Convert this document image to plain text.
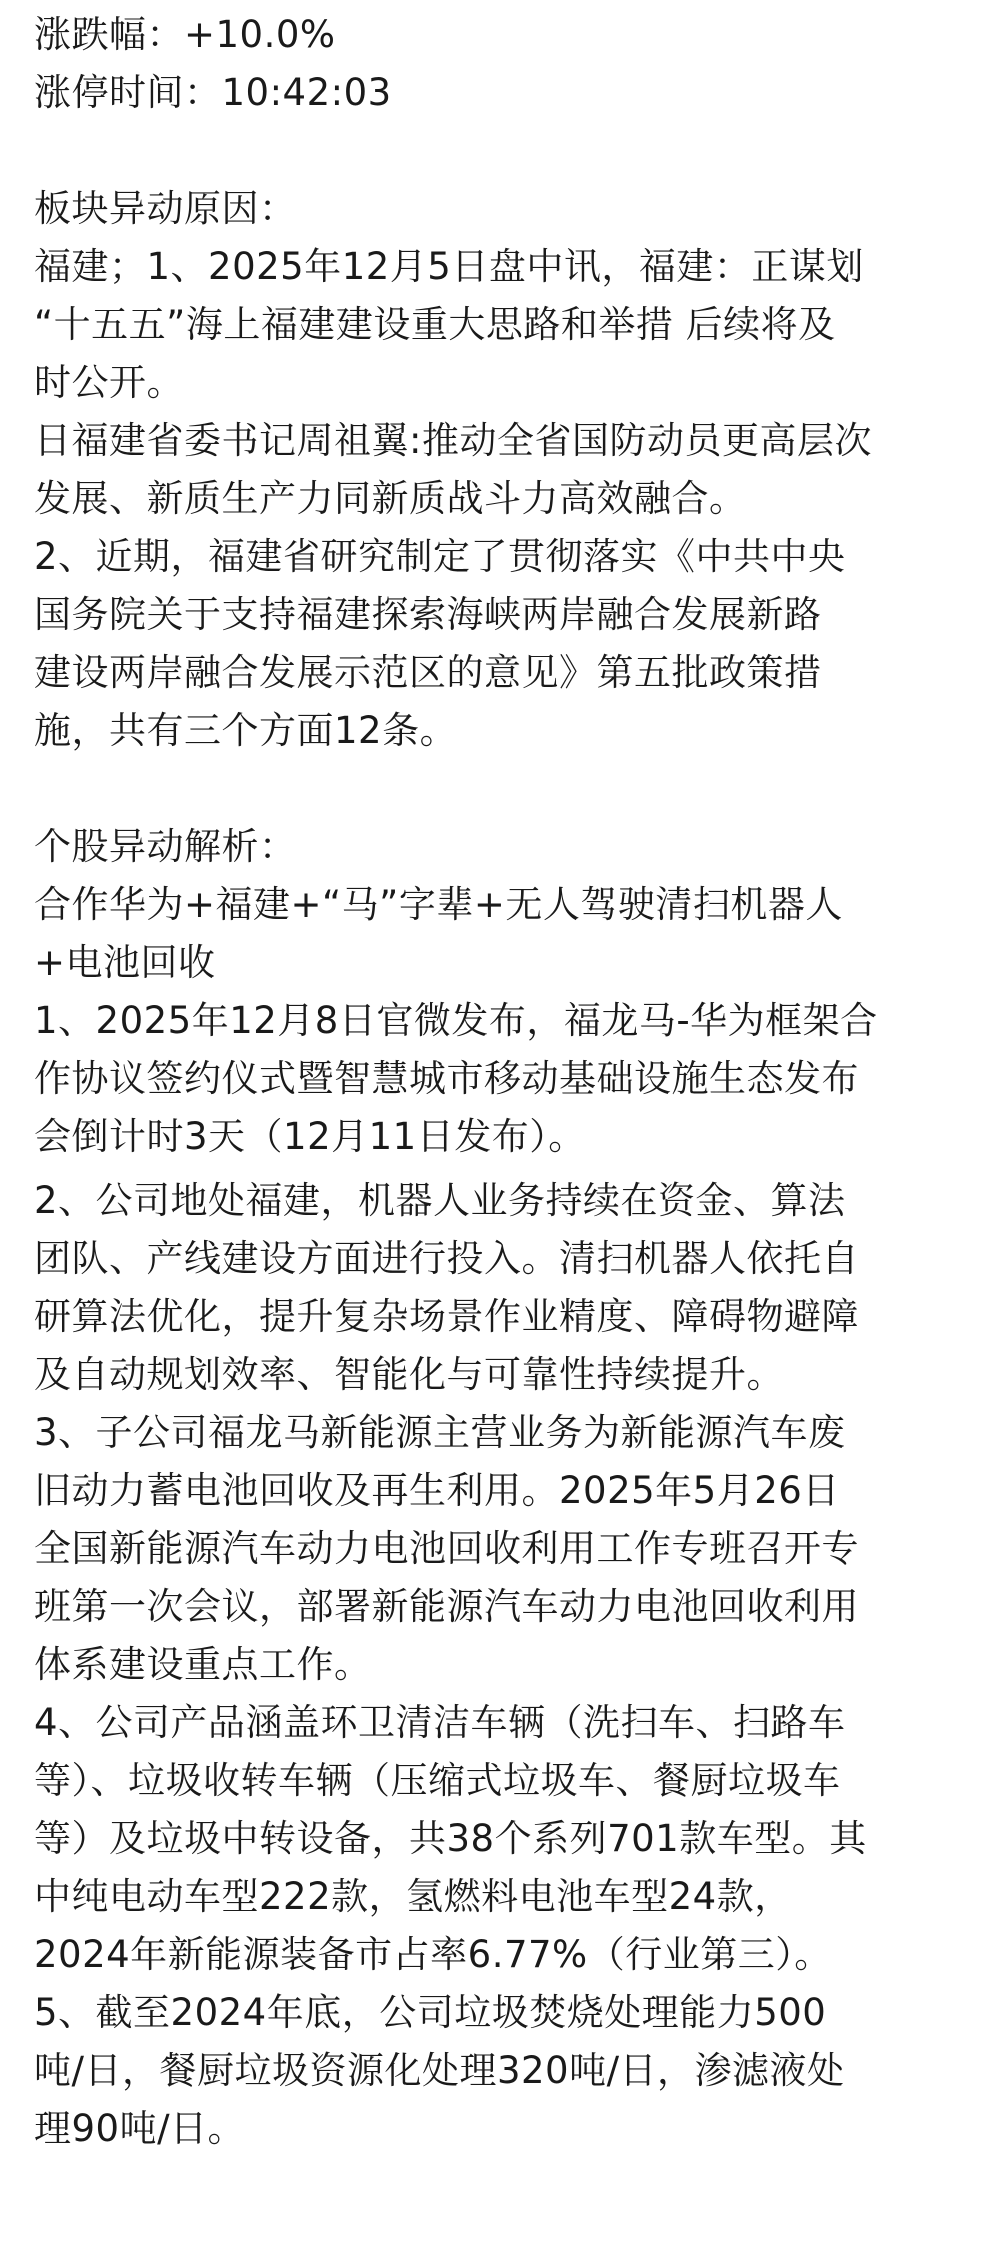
涨跌幅：+10.0%
涨停时间：10:42:03
板块异动原因：
福建；1、2025年12月5日盘中讯，福建：正谋划
“十五五”海上福建建设重大思路和举措 后续将及
时公开。
日福建省委书记周祖翼:推动全省国防动员更高层次
发展、新质生产力同新质战斗力高效融合。
2、近期，福建省研究制定了贯彻落实《中共中央
国务院关于支持福建探索海峡两岸融合发展新路
建设两岸融合发展示范区的意见》第五批政策措
施，共有三个方面12条。
个股异动解析：
合作华为+福建+“马”字辈+无人驾驶清扫机器人
+电池回收
1、2025年12月8日官微发布，福龙马-华为框架合
作协议签约仪式暨智慧城市移动基础设施生态发布
会倒计时3天（12月11日发布）。
2、公司地处福建，机器人业务持续在资金、算法
团队、产线建设方面进行投入。清扫机器人依托自
研算法优化，提升复杂场景作业精度、障碍物避障
及自动规划效率、智能化与可靠性持续提升。
3、子公司福龙马新能源主营业务为新能源汽车废
旧动力蓄电池回收及再生利用。2025年5月26日
全国新能源汽车动力电池回收利用工作专班召开专
班第一次会议，部署新能源汽车动力电池回收利用
体系建设重点工作。
4、公司产品涵盖环卫清洁车辆（洗扫车、扫路车
等）、垃圾收转车辆（压缩式垃圾车、餐厨垃圾车
等）及垃圾中转设备，共38个系列701款车型。其
中纯电动车型222款，氢燃料电池车型24款，
2024年新能源装备市占率6.77%（行业第三）。
5、截至2024年底，公司垃圾焚烧处理能力500
吨/日，餐厨垃圾资源化处理320吨/日，渗滤液处
理90吨/日。
